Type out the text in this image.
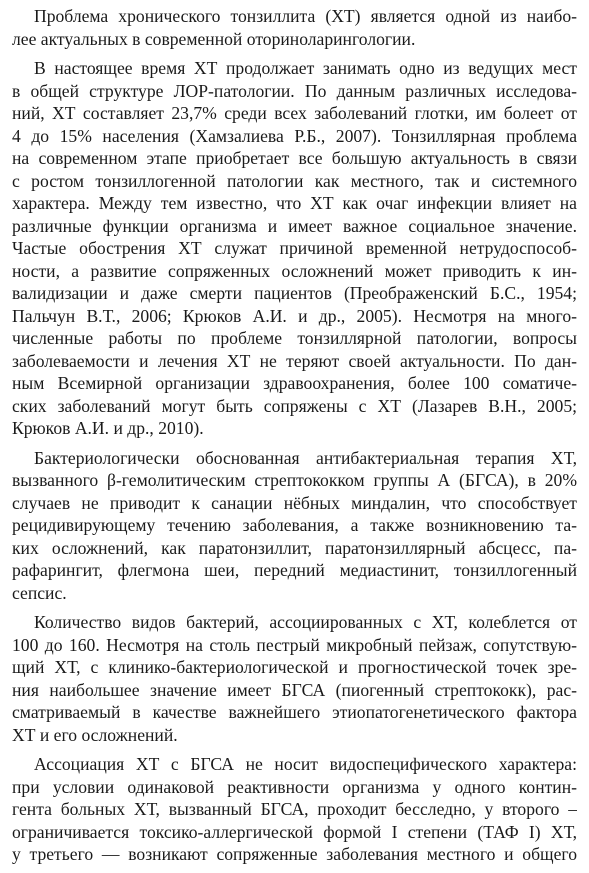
Проблема хронического тонзиллита (ХТ) является одной из наибо-
лее актуальных в современной оториноларингологии.
В настоящее время ХТ продолжает занимать одно из ведущих мест
в общей структуре ЛОР-патологии. По данным различных исследова-
ний, ХТ составляет 23,7% среди всех заболеваний глотки, им болеет от
4 до 15% населения (Хамзалиева Р.Б., 2007). Тонзиллярная проблема
на современном этапе приобретает все большую актуальность в связи
с ростом тонзиллогенной патологии как местного, так и системного
характера. Между тем известно, что ХТ как очаг инфекции влияет на
различные функции организма и имеет важное социальное значение.
Частые обострения ХТ служат причиной временной нетрудоспособ-
ности, а развитие сопряженных осложнений может приводить к ин-
валидизации и даже смерти пациентов (Преображенский Б.С., 1954;
Пальчун В.Т., 2006; Крюков А.И. и др., 2005). Несмотря на много-
численные работы по проблеме тонзиллярной патологии, вопросы
заболеваемости и лечения ХТ не теряют своей актуальности. По дан-
ным Всемирной организации здравоохранения, более 100 соматиче-
ских заболеваний могут быть сопряжены с ХТ (Лазарев В.Н., 2005;
Крюков А.И. и др., 2010).
Бактериологически обоснованная антибактериальная терапия ХТ,
вызванного β-гемолитическим стрептококком группы А (БГСА), в 20%
случаев не приводит к санации нёбных миндалин, что способствует
рецидивирующему течению заболевания, а также возникновению та-
ких осложнений, как паратонзиллит, паратонзиллярный абсцесс, па-
рафарингит, флегмона шеи, передний медиастинит, тонзиллогенный
сепсис.
Количество видов бактерий, ассоциированных с ХТ, колеблется от
100 до 160. Несмотря на столь пестрый микробный пейзаж, сопутствую-
щий ХТ, с клинико-бактериологической и прогностической точек зре-
ния наибольшее значение имеет БГСА (пиогенный стрептококк), рас-
сматриваемый в качестве важнейшего этиопатогенетического фактора
ХТ и его осложнений.
Ассоциация ХТ с БГСА не носит видоспецифического характера:
при условии одинаковой реактивности организма у одного контин-
гента больных ХТ, вызванный БГСА, проходит бесследно, у второго –
ограничивается токсико-аллергической формой I степени (ТАФ I) ХТ,
у третьего — возникают сопряженные заболевания местного и общего
